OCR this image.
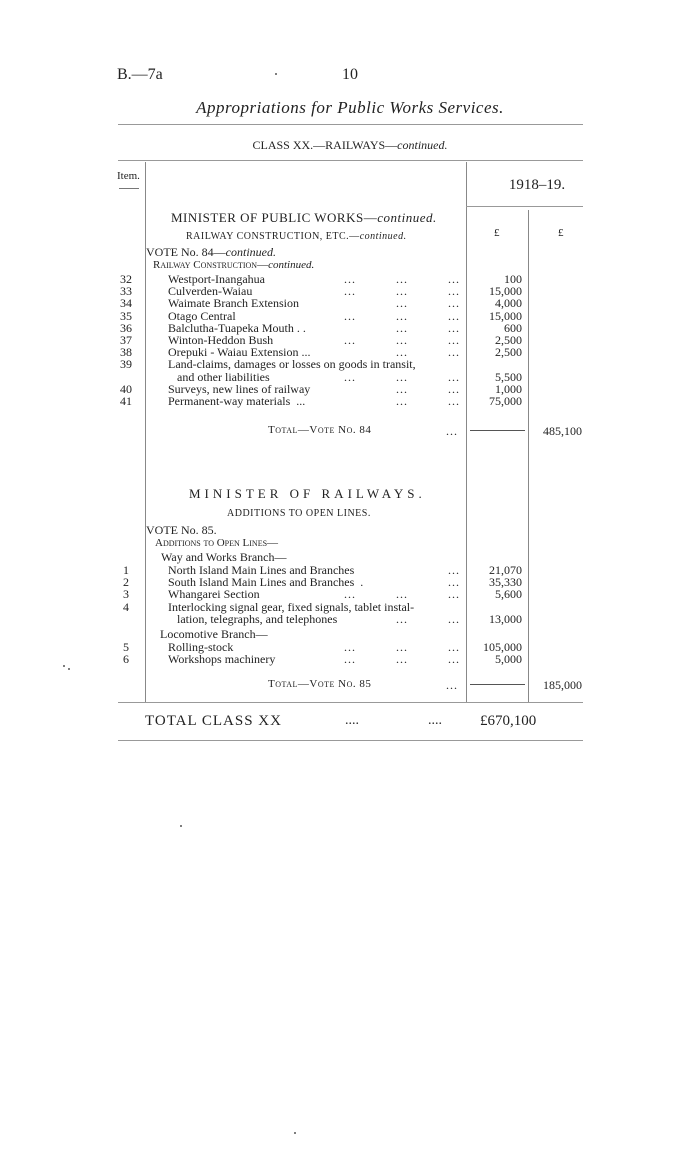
B.—7a	10
Appropriations for Public Works Services.
CLASS XX.—RAILWAYS—continued.
Item.
1918–19.
£	£
MINISTER OF PUBLIC WORKS—continued.
RAILWAY CONSTRUCTION, ETC.—continued.
VOTE No. 84—continued.
Railway Construction—continued.
32	Westport-Inangahua	...          ...          ...	100
33	Culverden-Waiau	...          ...          ...	15,000
34	Waimate Branch Extension	...          ...	4,000
35	Otago Central	...          ...          ...	15,000
36	Balclutha-Tuapeka Mouth . .	...          ...	600
37	Winton-Heddon Bush	...          ...          ...	2,500
38	Orepuki - Waiau Extension ...	...          ...	2,500
39	Land-claims, damages or losses on goods in transit,
and other liabilities	...          ...          ...	5,500
40	Surveys, new lines of railway	...          ...	1,000
41	Permanent-way materials  ...	...          ...	75,000
Total—Vote No. 84	...	485,100
MINISTER OF RAILWAYS.
ADDITIONS TO OPEN LINES.
VOTE No. 85.
Additions to Open Lines—
Way and Works Branch—
1	North Island Main Lines and Branches	...	21,070
2	South Island Main Lines and Branches  .	...	35,330
3	Whangarei Section	...          ...          ...	5,600
4	Interlocking signal gear, fixed signals, tablet instal-
lation, telegraphs, and telephones	...          ...	13,000
Locomotive Branch—
5	Rolling-stock	...          ...          ...	105,000
6	Workshops machinery	...          ...          ...	5,000
Total—Vote No. 85	...	185,000
TOTAL CLASS XX	....	....	£670,100
